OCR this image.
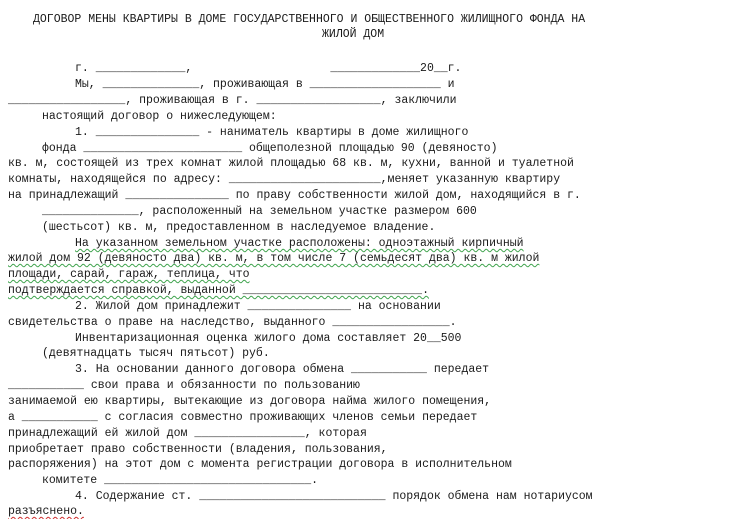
ДОГОВОР МЕНЫ КВАРТИРЫ В ДОМЕ ГОСУДАРСТВЕННОГО И ОБЩЕСТВЕННОГО ЖИЛИЩНОГО ФОНДА НА
ЖИЛОЙ ДОМ
г. _____________,                    _____________20__г.
Мы, ______________, проживающая в ___________________ и
_________________, проживающая в г. __________________, заключили
настоящий договор о нижеследующем:
1. _______________ - наниматель квартиры в доме жилищного
фонда _______________________ общеполезной площадью 90 (девяносто)
кв. м, состоящей из трех комнат жилой площадью 68 кв. м, кухни, ванной и туалетной
комнаты, находящейся по адресу: ______________________,меняет указанную квартиру
на принадлежащий _______________ по праву собственности жилой дом, находящийся в г.
______________, расположенный на земельном участке размером 600
(шестьсот) кв. м, предоставленном в наследуемое владение.
На указанном земельном участке расположены: одноэтажный кирпичный
жилой дом 92 (девяносто два) кв. м, в том числе 7 (семьдесят два) кв. м жилой
площади, сарай, гараж, теплица, что
подтверждается справкой, выданной __________________________.
2. Жилой дом принадлежит _______________ на основании
свидетельства о праве на наследство, выданного _________________.
Инвентаризационная оценка жилого дома составляет 20__500
(девятнадцать тысяч пятьсот) руб.
3. На основании данного договора обмена ___________ передает
___________ свои права и обязанности по пользованию
занимаемой ею квартиры, вытекающие из договора найма жилого помещения,
а ___________ с согласия совместно проживающих членов семьи передает
принадлежащий ей жилой дом ________________, которая
приобретает право собственности (владения, пользования,
распоряжения) на этот дом с момента регистрации договора в исполнительном
комитете ______________________________.
4. Содержание ст. ___________________________ порядок обмена нам нотариусом
разъяснено.
